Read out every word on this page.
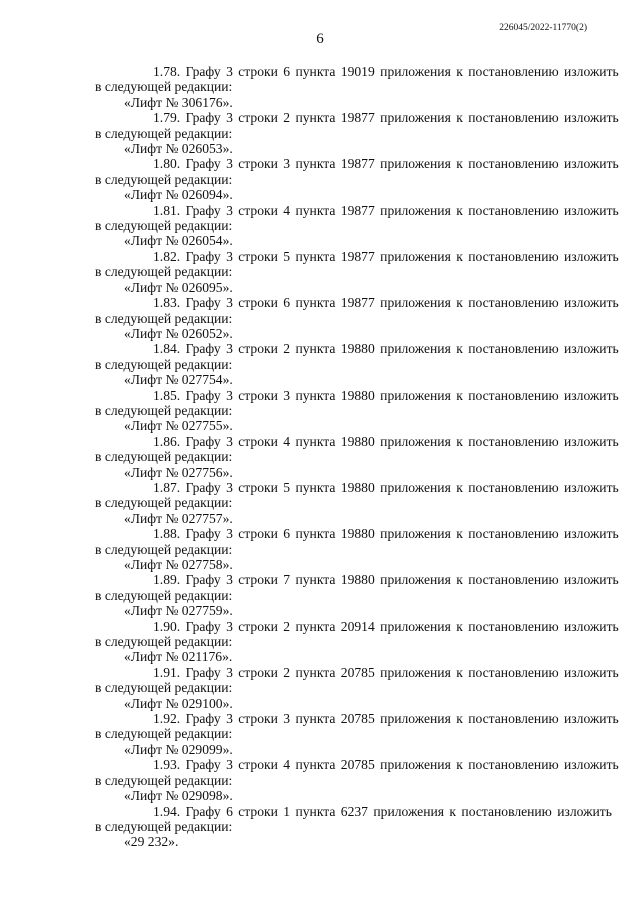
226045/2022-11770(2)
6
1.78. Графу 3 строки 6 пункта 19019 приложения к постановлению изложить
в следующей редакции:
«Лифт № 306176».
1.79. Графу 3 строки 2 пункта 19877 приложения к постановлению изложить
в следующей редакции:
«Лифт № 026053».
1.80. Графу 3 строки 3 пункта 19877 приложения к постановлению изложить
в следующей редакции:
«Лифт № 026094».
1.81. Графу 3 строки 4 пункта 19877 приложения к постановлению изложить
в следующей редакции:
«Лифт № 026054».
1.82. Графу 3 строки 5 пункта 19877 приложения к постановлению изложить
в следующей редакции:
«Лифт № 026095».
1.83. Графу 3 строки 6 пункта 19877 приложения к постановлению изложить
в следующей редакции:
«Лифт № 026052».
1.84. Графу 3 строки 2 пункта 19880 приложения к постановлению изложить
в следующей редакции:
«Лифт № 027754».
1.85. Графу 3 строки 3 пункта 19880 приложения к постановлению изложить
в следующей редакции:
«Лифт № 027755».
1.86. Графу 3 строки 4 пункта 19880 приложения к постановлению изложить
в следующей редакции:
«Лифт № 027756».
1.87. Графу 3 строки 5 пункта 19880 приложения к постановлению изложить
в следующей редакции:
«Лифт № 027757».
1.88. Графу 3 строки 6 пункта 19880 приложения к постановлению изложить
в следующей редакции:
«Лифт № 027758».
1.89. Графу 3 строки 7 пункта 19880 приложения к постановлению изложить
в следующей редакции:
«Лифт № 027759».
1.90. Графу 3 строки 2 пункта 20914 приложения к постановлению изложить
в следующей редакции:
«Лифт № 021176».
1.91. Графу 3 строки 2 пункта 20785 приложения к постановлению изложить
в следующей редакции:
«Лифт № 029100».
1.92. Графу 3 строки 3 пункта 20785 приложения к постановлению изложить
в следующей редакции:
«Лифт № 029099».
1.93. Графу 3 строки 4 пункта 20785 приложения к постановлению изложить
в следующей редакции:
«Лифт № 029098».
1.94. Графу 6 строки 1 пункта 6237 приложения к постановлению изложить
в следующей редакции:
«29 232».
